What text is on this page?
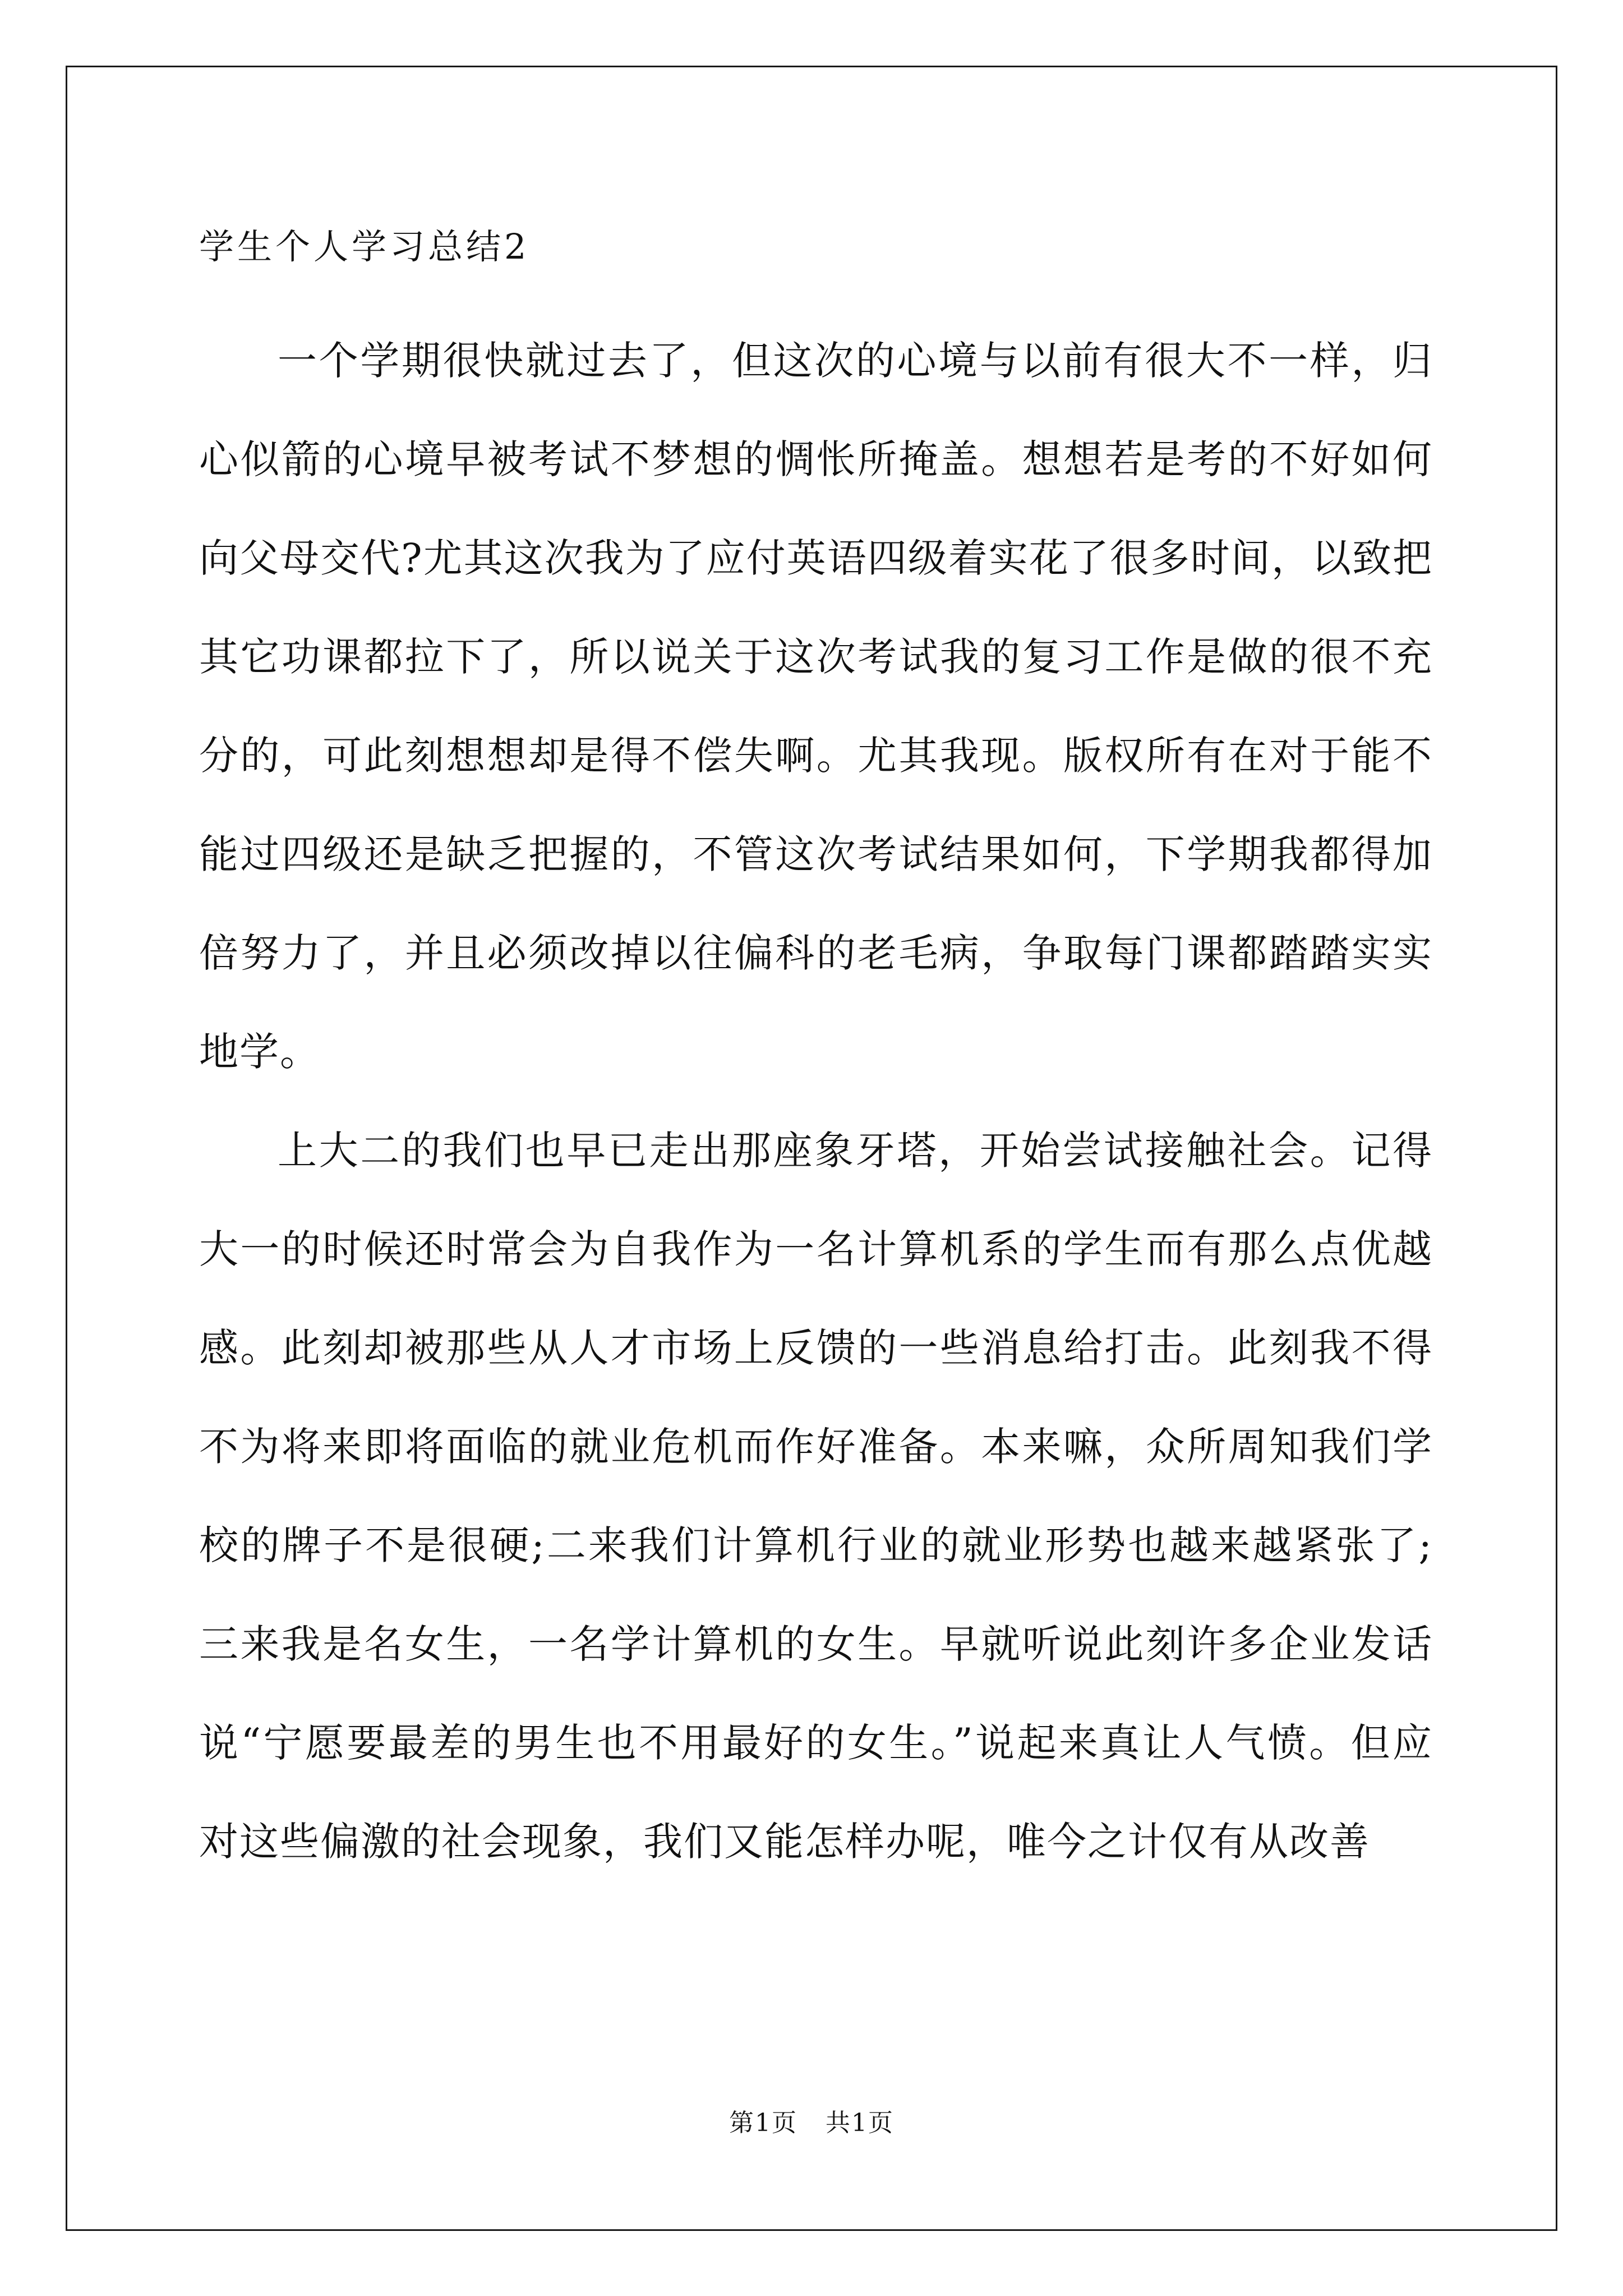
学生个人学习总结2

一个学期很快就过去了，但这次的心境与以前有很大不一样，归心似箭的心境早被考试不梦想的惆怅所掩盖。想想若是考的不好如何向父母交代?尤其这次我为了应付英语四级着实花了很多时间，以致把其它功课都拉下了，所以说关于这次考试我的复习工作是做的很不充分的，可此刻想想却是得不偿失啊。尤其我现。版权所有在对于能不能过四级还是缺乏把握的，不管这次考试结果如何，下学期我都得加倍努力了，并且必须改掉以往偏科的老毛病，争取每门课都踏踏实实地学。

上大二的我们也早已走出那座象牙塔，开始尝试接触社会。记得大一的时候还时常会为自我作为一名计算机系的学生而有那么点优越感。此刻却被那些从人才市场上反馈的一些消息给打击。此刻我不得不为将来即将面临的就业危机而作好准备。本来嘛，众所周知我们学校的牌子不是很硬;二来我们计算机行业的就业形势也越来越紧张了;三来我是名女生，一名学计算机的女生。早就听说此刻许多企业发话说“宁愿要最差的男生也不用最好的女生。”说起来真让人气愤。但应对这些偏激的社会现象，我们又能怎样办呢，唯今之计仅有从改善

第1页 共1页
